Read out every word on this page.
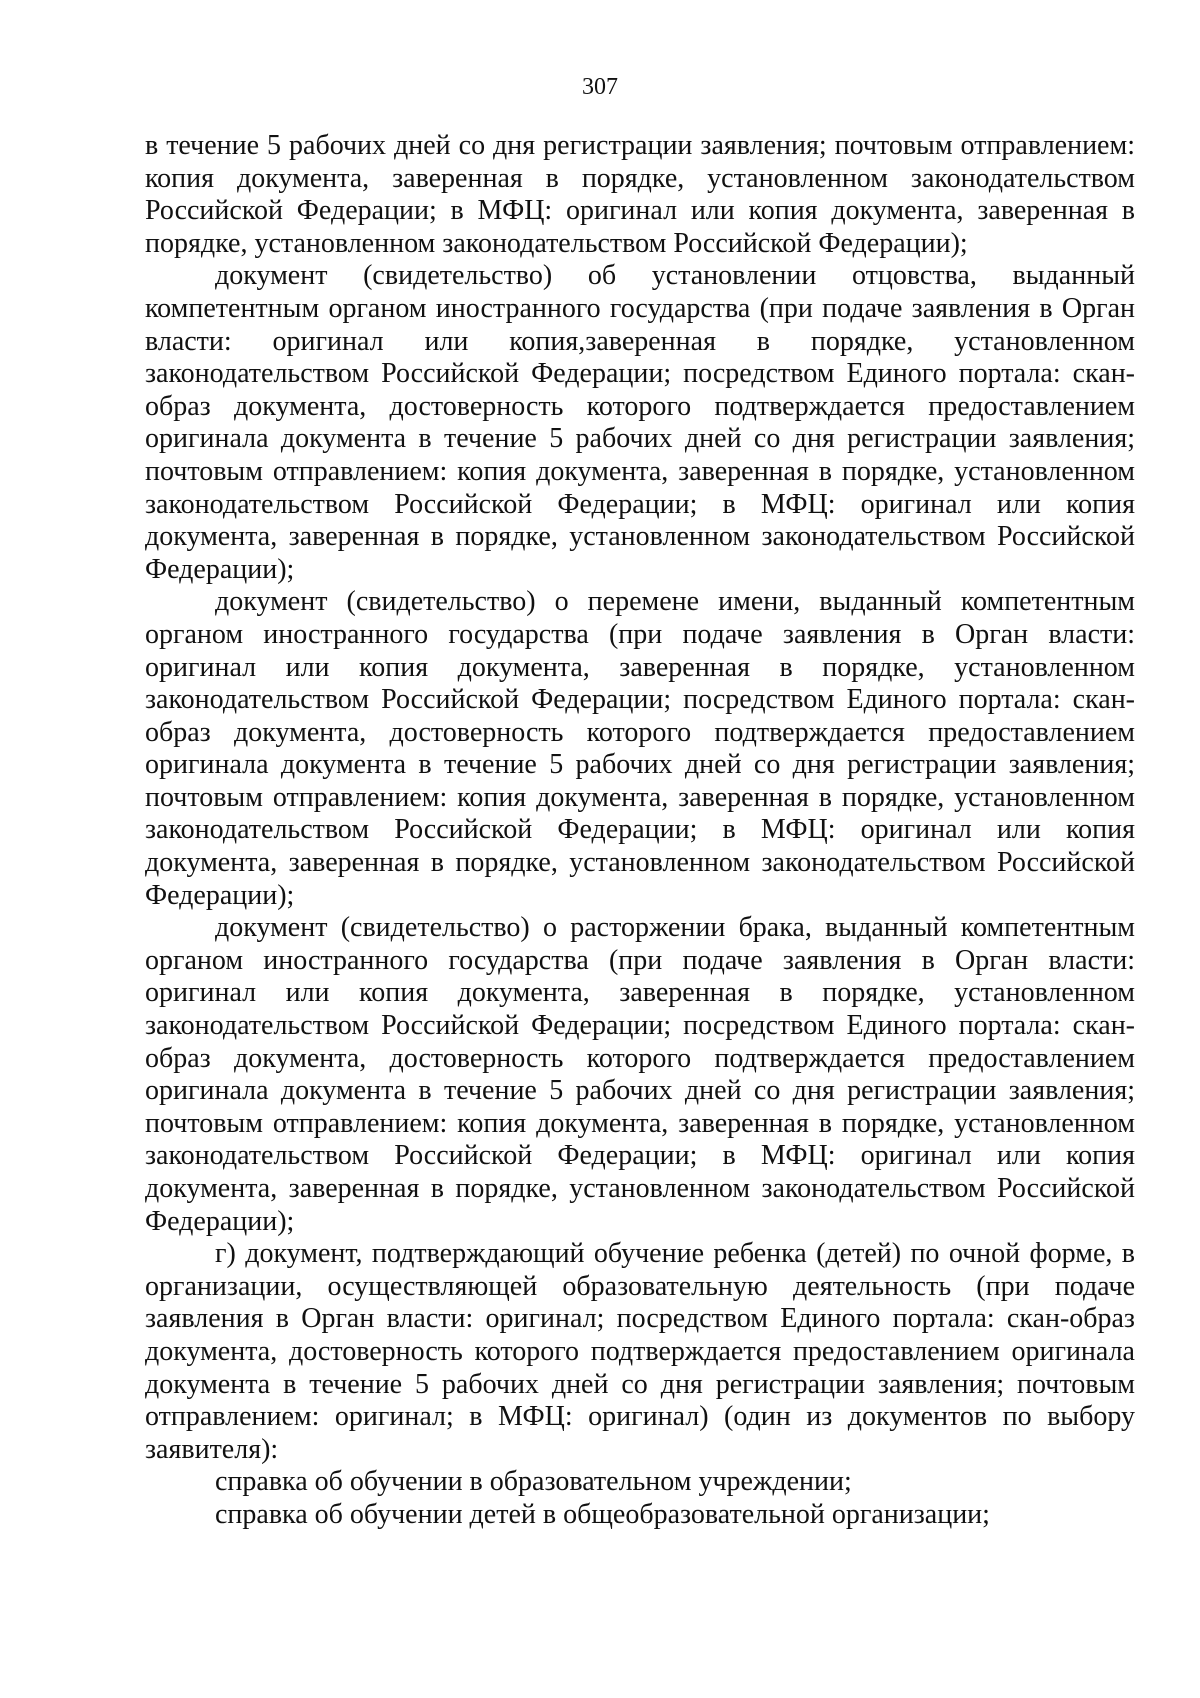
307

в течение 5 рабочих дней со дня регистрации заявления; почтовым отправлением: копия документа, заверенная в порядке, установленном законодательством Российской Федерации; в МФЦ: оригинал или копия документа, заверенная в порядке, установленном законодательством Российской Федерации);

документ (свидетельство) об установлении отцовства, выданный компетентным органом иностранного государства (при подаче заявления в Орган власти: оригинал или копия,заверенная в порядке, установленном законодательством Российской Федерации; посредством Единого портала: скан-образ документа, достоверность которого подтверждается предоставлением оригинала документа в течение 5 рабочих дней со дня регистрации заявления; почтовым отправлением: копия документа, заверенная в порядке, установленном законодательством Российской Федерации; в МФЦ: оригинал или копия документа, заверенная в порядке, установленном законодательством Российской Федерации);

документ (свидетельство) о перемене имени, выданный компетентным органом иностранного государства (при подаче заявления в Орган власти: оригинал или копия документа, заверенная в порядке, установленном законодательством Российской Федерации; посредством Единого портала: скан-образ документа, достоверность которого подтверждается предоставлением оригинала документа в течение 5 рабочих дней со дня регистрации заявления; почтовым отправлением: копия документа, заверенная в порядке, установленном законодательством Российской Федерации; в МФЦ: оригинал или копия документа, заверенная в порядке, установленном законодательством Российской Федерации);

документ (свидетельство) о расторжении брака, выданный компетентным органом иностранного государства (при подаче заявления в Орган власти: оригинал или копия документа, заверенная в порядке, установленном законодательством Российской Федерации; посредством Единого портала: скан-образ документа, достоверность которого подтверждается предоставлением оригинала документа в течение 5 рабочих дней со дня регистрации заявления; почтовым отправлением: копия документа, заверенная в порядке, установленном законодательством Российской Федерации; в МФЦ: оригинал или копия документа, заверенная в порядке, установленном законодательством Российской Федерации);

г) документ, подтверждающий обучение ребенка (детей) по очной форме, в организации, осуществляющей образовательную деятельность (при подаче заявления в Орган власти: оригинал; посредством Единого портала: скан-образ документа, достоверность которого подтверждается предоставлением оригинала документа в течение 5 рабочих дней со дня регистрации заявления; почтовым отправлением: оригинал; в МФЦ: оригинал) (один из документов по выбору заявителя):

справка об обучении в образовательном учреждении;

справка об обучении детей в общеобразовательной организации;
